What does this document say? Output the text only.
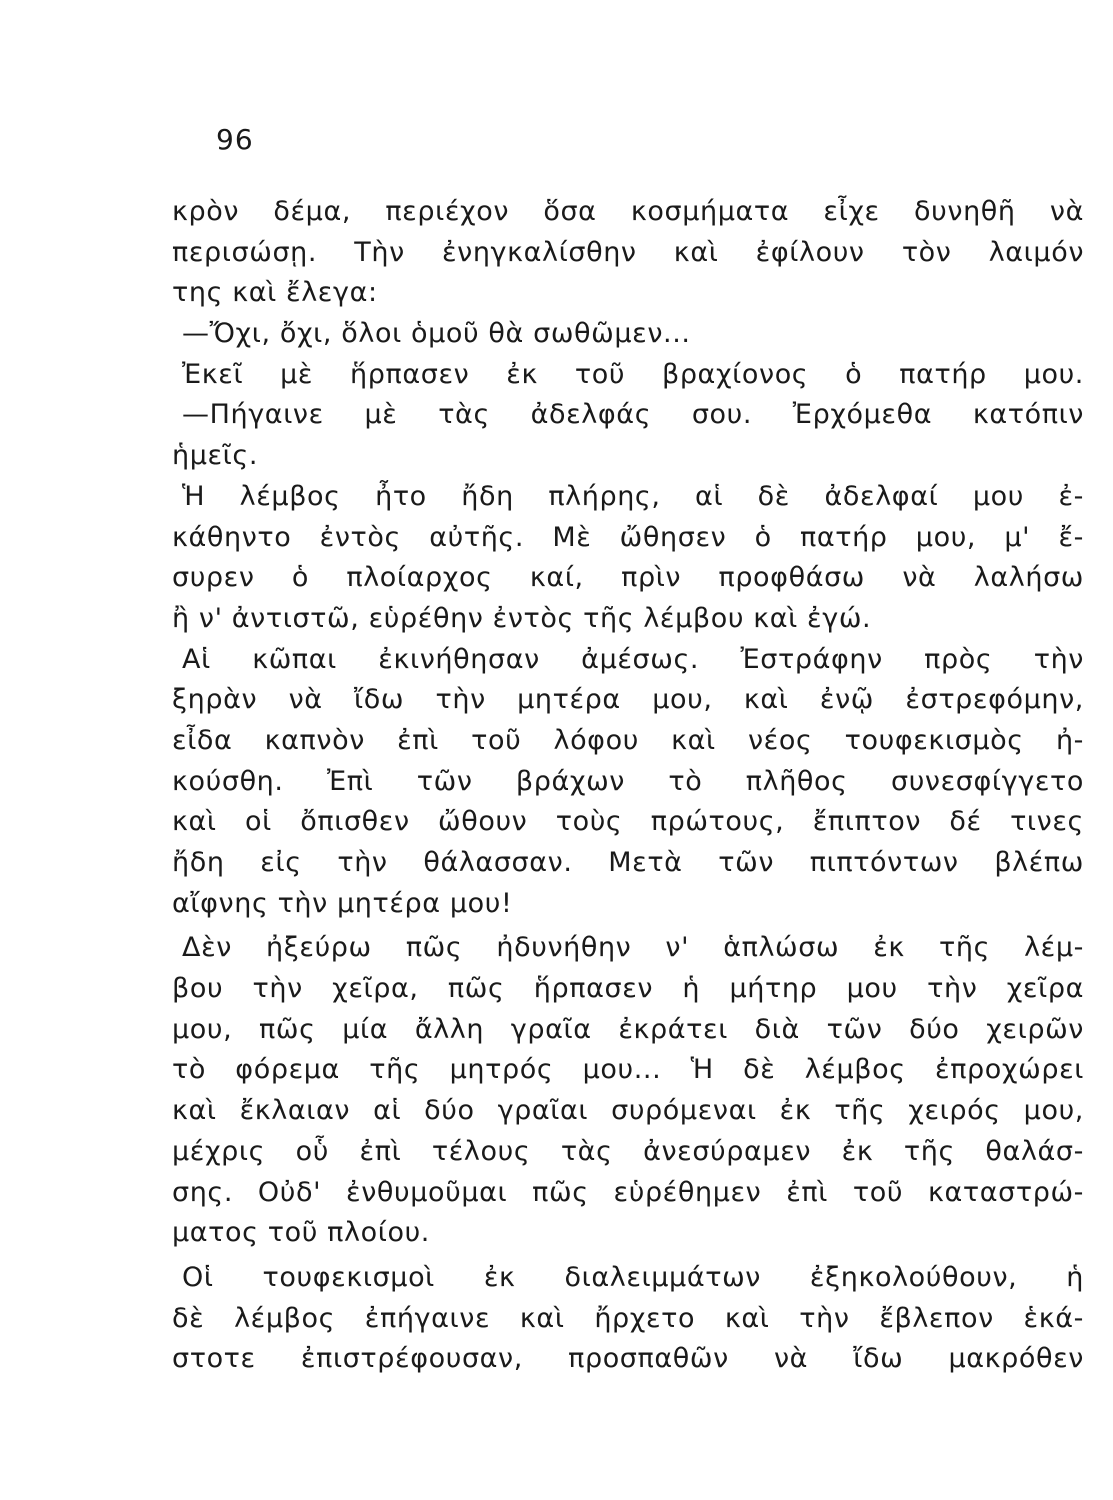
96
κρὸν δέμα, περιέχον ὅσα κοσμήματα εἶχε δυνηθῆ νὰ
περισώσῃ. Τὴν ἐνηγκαλίσθην καὶ ἐφίλουν τὸν λαιμόν
της καὶ ἔλεγα:
—Ὄχι, ὄχι, ὅλοι ὁμοῦ θὰ σωθῶμεν...
Ἐκεῖ μὲ ἥρπασεν ἐκ τοῦ βραχίονος ὁ πατήρ μου.
—Πήγαινε μὲ τὰς ἀδελφάς σου. Ἐρχόμεθα κατόπιν
ἡμεῖς.
Ἡ λέμβος ἦτο ἤδη πλήρης, αἱ δὲ ἀδελφαί μου ἐ-
κάθηντο ἐντὸς αὐτῆς. Μὲ ὤθησεν ὁ πατήρ μου, μ' ἔ-
συρεν ὁ πλοίαρχος καί, πρὶν προφθάσω νὰ λαλήσω
ἢ ν' ἀντιστῶ, εὑρέθην ἐντὸς τῆς λέμβου καὶ ἐγώ.
Αἱ κῶπαι ἐκινήθησαν ἀμέσως. Ἐστράφην πρὸς τὴν
ξηρὰν νὰ ἴδω τὴν μητέρα μου, καὶ ἐνῷ ἐστρεφόμην,
εἶδα καπνὸν ἐπὶ τοῦ λόφου καὶ νέος τουφεκισμὸς ἠ-
κούσθη. Ἐπὶ τῶν βράχων τὸ πλῆθος συνεσφίγγετο
καὶ οἱ ὄπισθεν ὤθουν τοὺς πρώτους, ἔπιπτον δέ τινες
ἤδη εἰς τὴν θάλασσαν. Μετὰ τῶν πιπτόντων βλέπω
αἴφνης τὴν μητέρα μου!
Δὲν ἠξεύρω πῶς ἠδυνήθην ν' ἁπλώσω ἐκ τῆς λέμ-
βου τὴν χεῖρα, πῶς ἥρπασεν ἡ μήτηρ μου τὴν χεῖρα
μου, πῶς μία ἄλλη γραῖα ἐκράτει διὰ τῶν δύο χειρῶν
τὸ φόρεμα τῆς μητρός μου... Ἡ δὲ λέμβος ἐπροχώρει
καὶ ἔκλαιαν αἱ δύο γραῖαι συρόμεναι ἐκ τῆς χειρός μου,
μέχρις οὗ ἐπὶ τέλους τὰς ἀνεσύραμεν ἐκ τῆς θαλάσ-
σης. Οὐδ' ἐνθυμοῦμαι πῶς εὑρέθημεν ἐπὶ τοῦ καταστρώ-
ματος τοῦ πλοίου.
Οἱ τουφεκισμοὶ ἐκ διαλειμμάτων ἐξηκολούθουν, ἡ
δὲ λέμβος ἐπήγαινε καὶ ἤρχετο καὶ τὴν ἔβλεπον ἑκά-
στοτε ἐπιστρέφουσαν, προσπαθῶν νὰ ἴδω μακρόθεν
